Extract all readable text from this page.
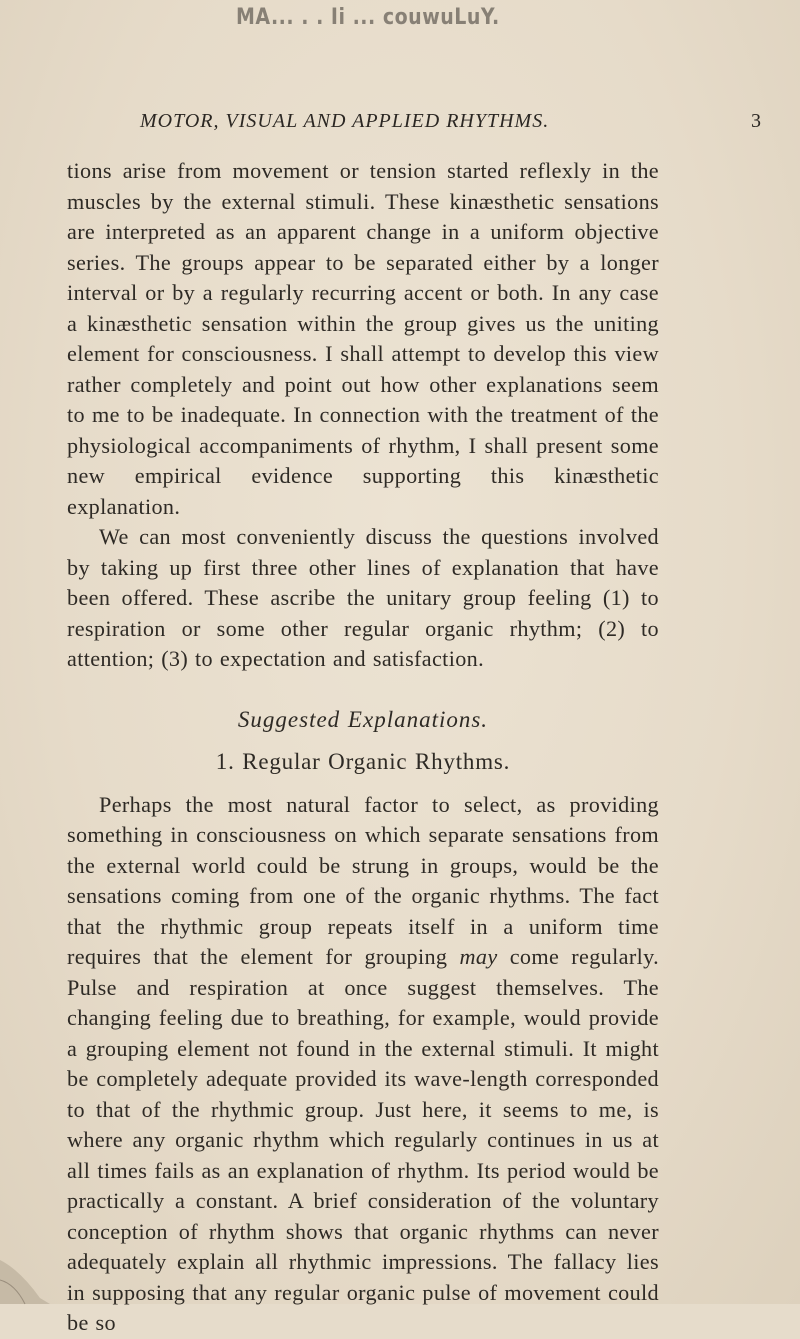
MA... . . Ii ... couwuLuY.
MOTOR, VISUAL AND APPLIED RHYTHMS.	3

tions arise from movement or tension started reflexly in the muscles by the external stimuli. These kinæsthetic sensations are interpreted as an apparent change in a uniform objective series. The groups appear to be separated either by a longer interval or by a regularly recurring accent or both. In any case a kinæsthetic sensation within the group gives us the uniting element for consciousness. I shall attempt to develop this view rather completely and point out how other explanations seem to me to be inadequate. In connection with the treatment of the physiological accompaniments of rhythm, I shall present some new empirical evidence supporting this kinæsthetic explanation.

We can most conveniently discuss the questions involved by taking up first three other lines of explanation that have been offered. These ascribe the unitary group feeling (1) to respiration or some other regular organic rhythm; (2) to attention; (3) to expectation and satisfaction.

Suggested Explanations.

1. Regular Organic Rhythms.

Perhaps the most natural factor to select, as providing something in consciousness on which separate sensations from the external world could be strung in groups, would be the sensations coming from one of the organic rhythms. The fact that the rhythmic group repeats itself in a uniform time requires that the element for grouping may come regularly. Pulse and respiration at once suggest themselves. The changing feeling due to breathing, for example, would provide a grouping element not found in the external stimuli. It might be completely adequate provided its wave-length corresponded to that of the rhythmic group. Just here, it seems to me, is where any organic rhythm which regularly continues in us at all times fails as an explanation of rhythm. Its period would be practically a constant. A brief consideration of the voluntary conception of rhythm shows that organic rhythms can never adequately explain all rhythmic impressions. The fallacy lies in supposing that any regular organic pulse of movement could be so
